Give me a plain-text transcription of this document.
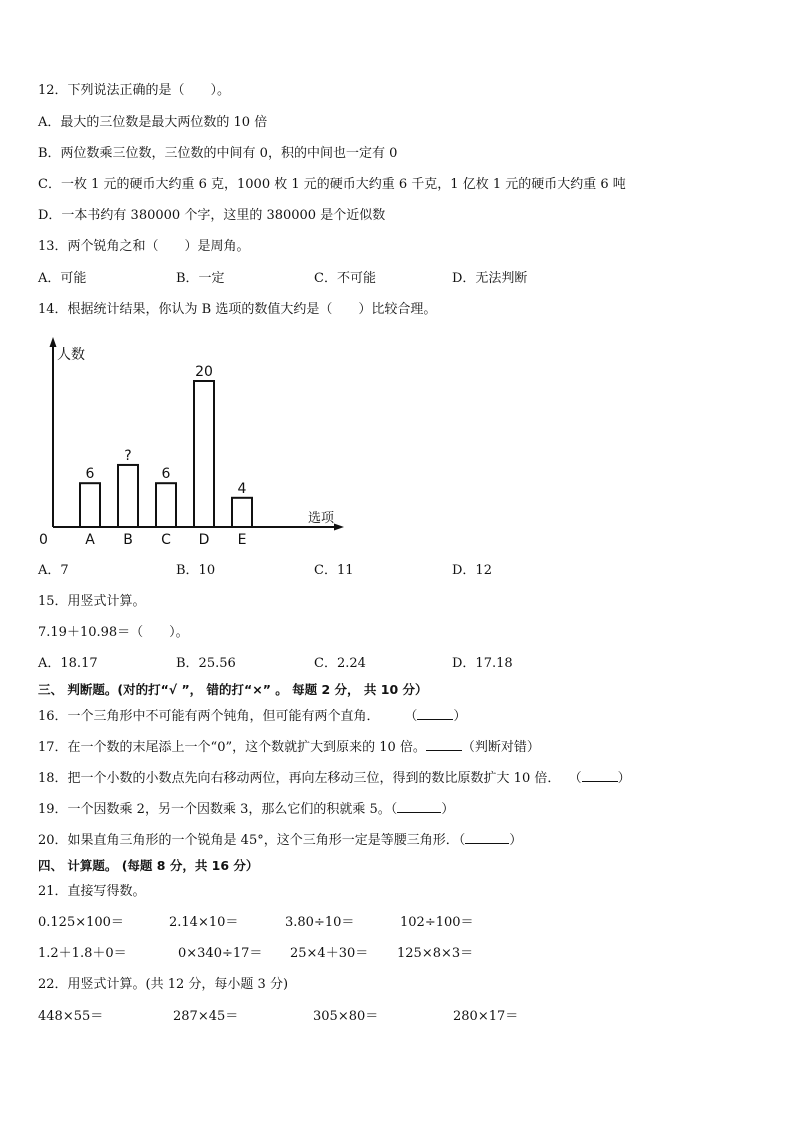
12．下列说法正确的是（　　）。
A．最大的三位数是最大两位数的 10 倍
B．两位数乘三位数，三位数的中间有 0，积的中间也一定有 0
C．一枚 1 元的硬币大约重 6 克，1000 枚 1 元的硬币大约重 6 千克，1 亿枚 1 元的硬币大约重 6 吨
D．一本书约有 380000 个字，这里的 380000 是个近似数
13．两个锐角之和（　　）是周角。
A．可能	B．一定	C．不可能	D．无法判断
14．根据统计结果，你认为 B 选项的数值大约是（　　）比较合理。
人数
选项
0
6
A
?
B
6
C
20
D
4
E
A．7	B．10	C．11	D．12
15．用竖式计算。
7.19＋10.98＝（　　）。
A．18.17	B．25.56	C．2.24	D．17.18
三、 判断题。(对的打“√ ”， 错的打“×” 。 每题 2 分， 共 10 分）
16．一个三角形中不可能有两个钝角，但可能有两个直角． （	）
17．在一个数的末尾添上一个“0”，这个数就扩大到原来的 10 倍。	（判断对错）
18．把一个小数的小数点先向右移动两位，再向左移动三位，得到的数比原数扩大 10 倍． （	）
19．一个因数乘 2，另一个因数乘 3，那么它们的积就乘 5。（	）
20．如果直角三角形的一个锐角是 45°，这个三角形一定是等腰三角形．（	）
四、 计算题。 (每题 8 分，共 16 分）
21．直接写得数。
0.125×100＝	2.14×10＝	3.80÷10＝	102÷100＝
1.2＋1.8＋0＝	0×340÷17＝ 25×4＋30＝ 125×8×3＝
22．用竖式计算。(共 12 分，每小题 3 分)
448×55＝	287×45＝	305×80＝	280×17＝
